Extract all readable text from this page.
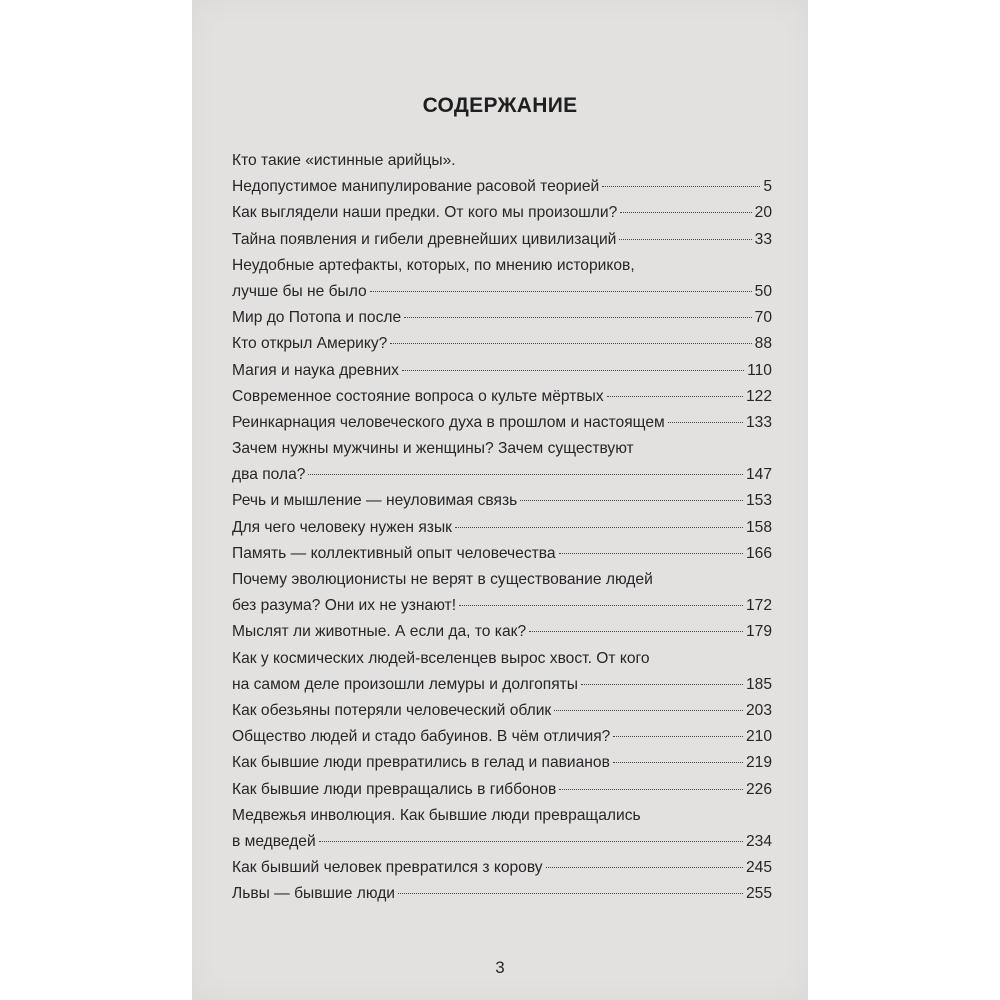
СОДЕРЖАНИЕ
Кто такие «истинные арийцы».
Недопустимое манипулирование расовой теорией	5
Как выглядели наши предки. От кого мы произошли?	20
Тайна появления и гибели древнейших цивилизаций	33
Неудобные артефакты, которых, по мнению историков,
лучше бы не было	50
Мир до Потопа и после	70
Кто открыл Америку?	88
Магия и наука древних	110
Современное состояние вопроса о культе мёртвых	122
Реинкарнация человеческого духа в прошлом и настоящем	133
Зачем нужны мужчины и женщины? Зачем существуют
два пола?	147
Речь и мышление — неуловимая связь	153
Для чего человеку нужен язык	158
Память — коллективный опыт человечества	166
Почему эволюционисты не верят в существование людей
без разума? Они их не узнают!	172
Мыслят ли животные. А если да, то как?	179
Как у космических людей-вселенцев вырос хвост. От кого
на самом деле произошли лемуры и долгопяты	185
Как обезьяны потеряли человеческий облик	203
Общество людей и стадо бабуинов. В чём отличия?	210
Как бывшие люди превратились в гелад и павианов	219
Как бывшие люди превращались в гиббонов	226
Медвежья инволюция. Как бывшие люди превращались
в медведей	234
Как бывший человек превратился з корову	245
Львы — бывшие люди	255
3
